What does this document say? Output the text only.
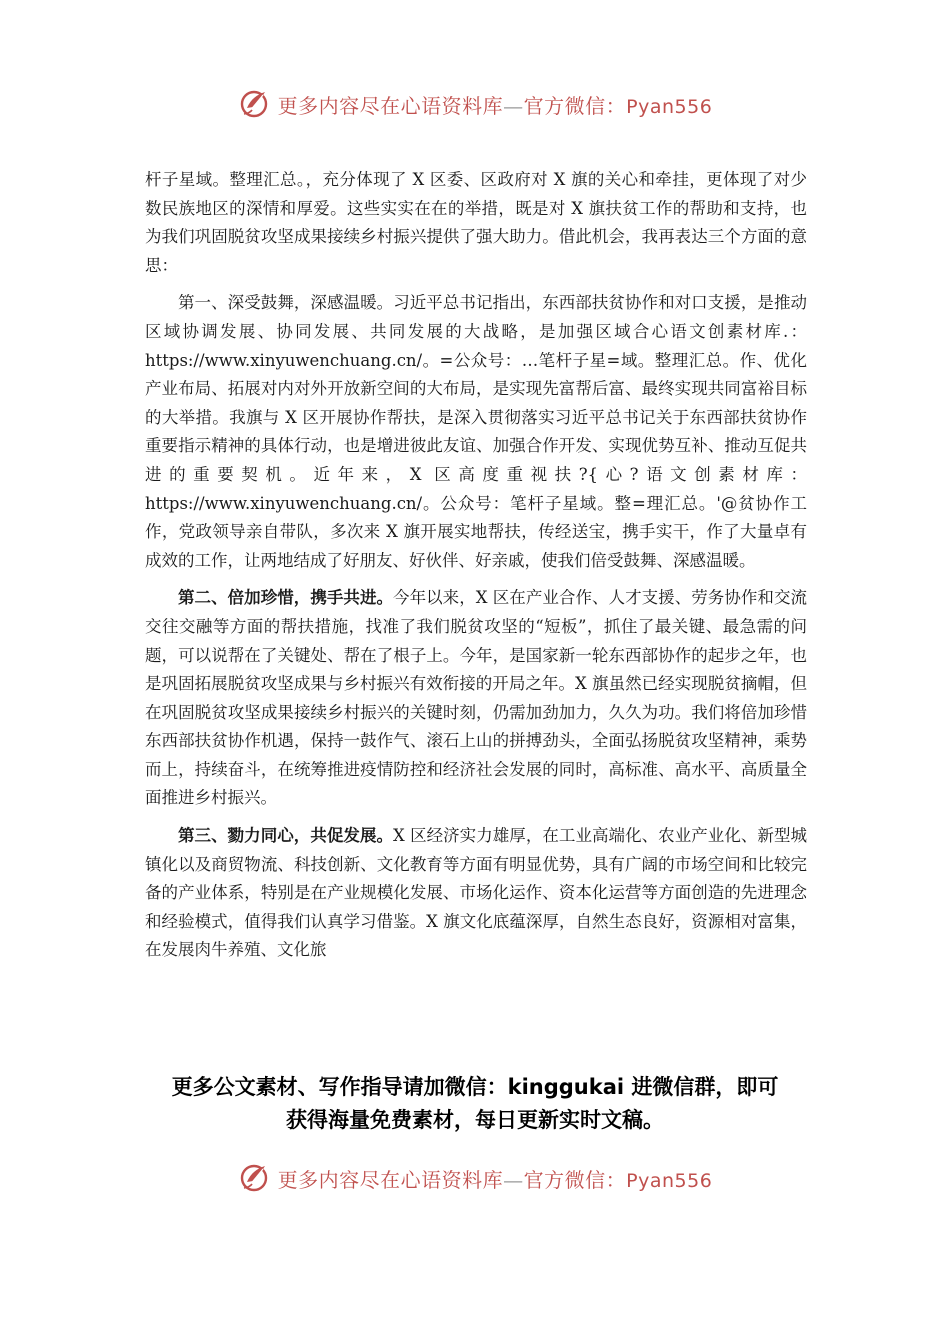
更多内容尽在心语资料库—官方微信：Pyan556

杆子星域。整理汇总。，充分体现了 X 区委、区政府对 X 旗的关心和牵挂，更体现了对少数民族地区的深情和厚爱。这些实实在在的举措，既是对 X 旗扶贫工作的帮助和支持，也为我们巩固脱贫攻坚成果接续乡村振兴提供了强大助力。借此机会，我再表达三个方面的意思：

第一、深受鼓舞，深感温暖。习近平总书记指出，东西部扶贫协作和对口支援，是推动区域协调发展、协同发展、共同发展的大战略，是加强区域合心语文创素材库.：https://www.xinyuwenchuang.cn/。=公众号：…笔杆子星=域。整理汇总。作、优化产业布局、拓展对内对外开放新空间的大布局，是实现先富帮后富、最终实现共同富裕目标的大举措。我旗与 X 区开展协作帮扶，是深入贯彻落实习近平总书记关于东西部扶贫协作重要指示精神的具体行动，也是增进彼此友谊、加强合作开发、实现优势互补、推动互促共进的重要契机。近年来，X 区高度重视扶?{心?语文创素材库：https://www.xinyuwenchuang.cn/。公众号：笔杆子星域。整=理汇总。'@贫协作工作，党政领导亲自带队，多次来 X 旗开展实地帮扶，传经送宝，携手实干，作了大量卓有成效的工作，让两地结成了好朋友、好伙伴、好亲戚，使我们倍受鼓舞、深感温暖。

第二、倍加珍惜，携手共进。今年以来，X 区在产业合作、人才支援、劳务协作和交流交往交融等方面的帮扶措施，找准了我们脱贫攻坚的“短板”，抓住了最关键、最急需的问题，可以说帮在了关键处、帮在了根子上。今年，是国家新一轮东西部协作的起步之年，也是巩固拓展脱贫攻坚成果与乡村振兴有效衔接的开局之年。X 旗虽然已经实现脱贫摘帽，但在巩固脱贫攻坚成果接续乡村振兴的关键时刻，仍需加劲加力，久久为功。我们将倍加珍惜东西部扶贫协作机遇，保持一鼓作气、滚石上山的拼搏劲头，全面弘扬脱贫攻坚精神，乘势而上，持续奋斗，在统筹推进疫情防控和经济社会发展的同时，高标准、高水平、高质量全面推进乡村振兴。

第三、勠力同心，共促发展。X 区经济实力雄厚，在工业高端化、农业产业化、新型城镇化以及商贸物流、科技创新、文化教育等方面有明显优势，具有广阔的市场空间和比较完备的产业体系，特别是在产业规模化发展、市场化运作、资本化运营等方面创造的先进理念和经验模式，值得我们认真学习借鉴。X 旗文化底蕴深厚，自然生态良好，资源相对富集，在发展肉牛养殖、文化旅

更多公文素材、写作指导请加微信：kinggukai 进微信群，即可
获得海量免费素材，每日更新实时文稿。
更多内容尽在心语资料库—官方微信：Pyan556
